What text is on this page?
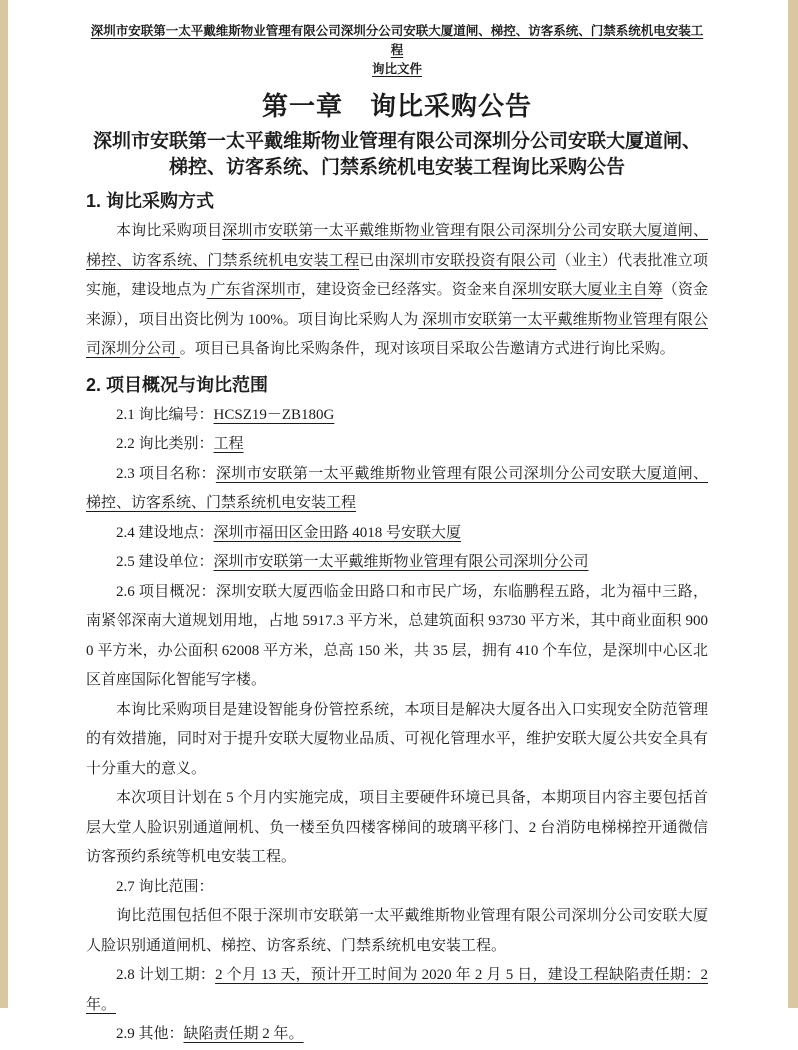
深圳市安联第一太平戴维斯物业管理有限公司深圳分公司安联大厦道闸、梯控、访客系统、门禁系统机电安装工程
询比文件
第一章　询比采购公告
深圳市安联第一太平戴维斯物业管理有限公司深圳分公司安联大厦道闸、
梯控、访客系统、门禁系统机电安装工程询比采购公告
1. 询比采购方式

本询比采购项目深圳市安联第一太平戴维斯物业管理有限公司深圳分公司安联大厦道闸、梯控、访客系统、门禁系统机电安装工程已由深圳市安联投资有限公司（业主）代表批准立项实施，建设地点为 广东省深圳市，建设资金已经落实。资金来自深圳安联大厦业主自筹（资金来源），项目出资比例为 100%。项目询比采购人为 深圳市安联第一太平戴维斯物业管理有限公司深圳分公司 。项目已具备询比采购条件，现对该项目采取公告邀请方式进行询比采购。

2. 项目概况与询比范围

2.1 询比编号：HCSZ19－ZB180G

2.2 询比类别：工程

2.3 项目名称：深圳市安联第一太平戴维斯物业管理有限公司深圳分公司安联大厦道闸、梯控、访客系统、门禁系统机电安装工程

2.4 建设地点：深圳市福田区金田路 4018 号安联大厦

2.5 建设单位：深圳市安联第一太平戴维斯物业管理有限公司深圳分公司

2.6 项目概况：深圳安联大厦西临金田路口和市民广场，东临鹏程五路，北为福中三路，南紧邻深南大道规划用地，占地 5917.3 平方米，总建筑面积 93730 平方米，其中商业面积 9000 平方米，办公面积 62008 平方米，总高 150 米，共 35 层，拥有 410 个车位，是深圳中心区北区首座国际化智能写字楼。

本询比采购项目是建设智能身份管控系统，本项目是解决大厦各出入口实现安全防范管理的有效措施，同时对于提升安联大厦物业品质、可视化管理水平，维护安联大厦公共安全具有十分重大的意义。

本次项目计划在 5 个月内实施完成，项目主要硬件环境已具备，本期项目内容主要包括首层大堂人脸识别通道闸机、负一楼至负四楼客梯间的玻璃平移门、2 台消防电梯梯控开通微信访客预约系统等机电安装工程。

2.7 询比范围：

询比范围包括但不限于深圳市安联第一太平戴维斯物业管理有限公司深圳分公司安联大厦人脸识别通道闸机、梯控、访客系统、门禁系统机电安装工程。

2.8 计划工期：2 个月 13 天，预计开工时间为 2020 年 2 月 5 日，建设工程缺陷责任期：2 年。

2.9 其他：缺陷责任期 2 年。
